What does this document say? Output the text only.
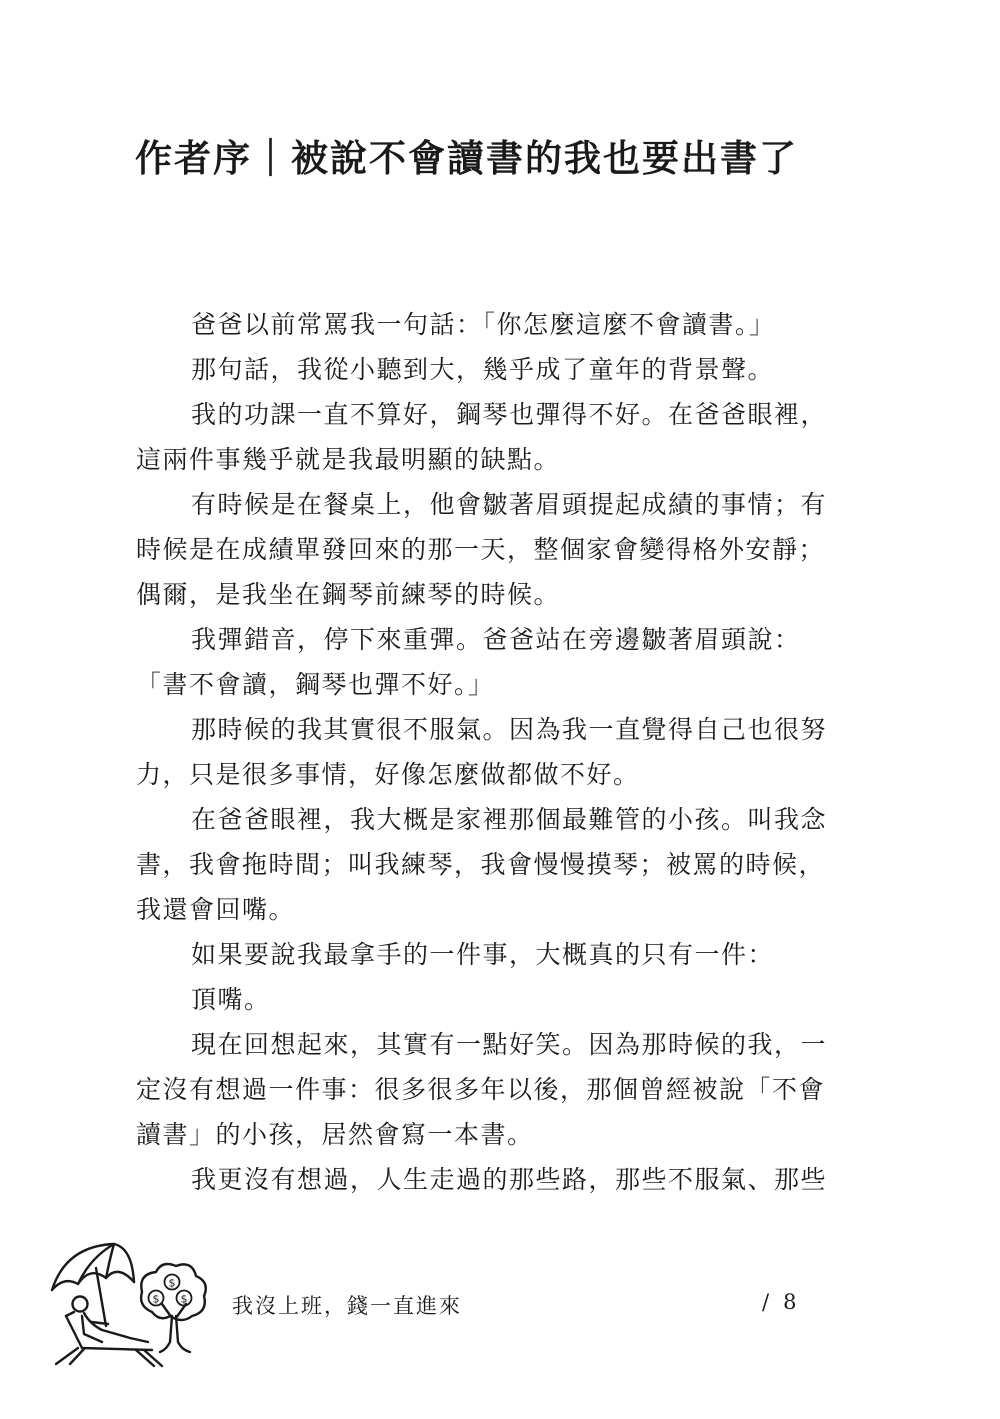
作者序｜被說不會讀書的我也要出書了

爸爸以前常罵我一句話：「你怎麼這麼不會讀書。」

那句話，我從小聽到大，幾乎成了童年的背景聲。

我的功課一直不算好，鋼琴也彈得不好。在爸爸眼裡，這兩件事幾乎就是我最明顯的缺點。

有時候是在餐桌上，他會皺著眉頭提起成績的事情；有時候是在成績單發回來的那一天，整個家會變得格外安靜；偶爾，是我坐在鋼琴前練琴的時候。

我彈錯音，停下來重彈。爸爸站在旁邊皺著眉頭說：

「書不會讀，鋼琴也彈不好。」

那時候的我其實很不服氣。因為我一直覺得自己也很努力，只是很多事情，好像怎麼做都做不好。

在爸爸眼裡，我大概是家裡那個最難管的小孩。叫我念書，我會拖時間；叫我練琴，我會慢慢摸琴；被罵的時候，我還會回嘴。

如果要說我最拿手的一件事，大概真的只有一件：

頂嘴。

現在回想起來，其實有一點好笑。因為那時候的我，一定沒有想過一件事：很多很多年以後，那個曾經被說「不會讀書」的小孩，居然會寫一本書。

我更沒有想過，人生走過的那些路，那些不服氣、那些

$
$ $ 我沒上班，錢一直進來	/ 8
